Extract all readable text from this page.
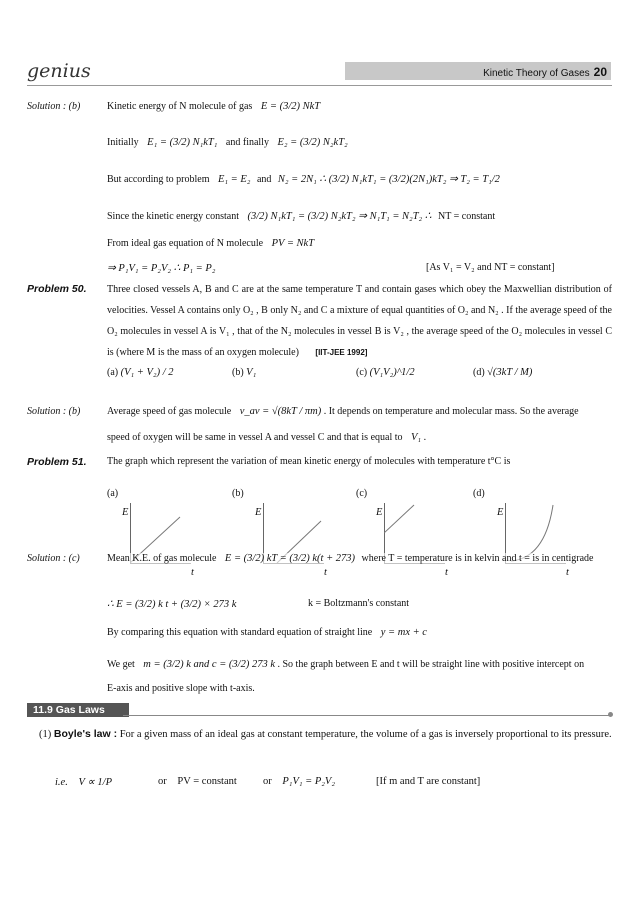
genius	Kinetic Theory of Gases 20
Solution : (b)	Kinetic energy of N molecule of gas E = (3/2) NkT
Initially E₁ = (3/2) N₁kT₁ and finally E₂ = (3/2) N₂kT₂
But according to problem E₁ = E₂ and N₂ = 2N₁ ∴ (3/2) N₁kT₁ = (3/2)(2N₁)kT₂ ⇒ T₂ = T₁/2
Since the kinetic energy constant (3/2) N₁kT₁ = (3/2) N₂kT₂ ⇒ N₁T₁ = N₂T₂ ∴ NT = constant
From ideal gas equation of N molecule PV = NkT
⇒ P₁V₁ = P₂V₂ ∴ P₁ = P₂	[As V₁ = V₂ and NT = constant]
Problem 50. Three closed vessels A, B and C are at the same temperature T and contain gases which obey the Maxwellian distribution of velocities. Vessel A contains only O₂ , B only N₂ and C a mixture of equal quantities of O₂ and N₂ . If the average speed of the O₂ molecules in vessel A is V₁ , that of the N₂ molecules in vessel B is V₂ , the average speed of the O₂ molecules in vessel C is (where M is the mass of an oxygen molecule) [IIT-JEE 1992]
(a) (V₁ + V₂) / 2	(b) V₁	(c) (V₁V₂)^1/2	(d) √(3kT / M)
Solution : (b)	Average speed of gas molecule v_av = √(8kT / πm) . It depends on temperature and molecular mass. So the average
speed of oxygen will be same in vessel A and vessel C and that is equal to V₁ .
Problem 51. The graph which represent the variation of mean kinetic energy of molecules with temperature t°C is
(a)	(b)	(c)	(d)
E
t
E
t
E
t
E
t
Solution : (c)	Mean K.E. of gas molecule E = (3/2) kT = (3/2) k(t + 273) where T = temperature is in kelvin and t = is in centigrade
∴ E = (3/2) k t + (3/2) × 273 k	k = Boltzmann's constant
By comparing this equation with standard equation of straight line y = mx + c
We get m = (3/2) k and c = (3/2) 273 k . So the graph between E and t will be straight line with positive intercept on
E-axis and positive slope with t-axis.
11.9 Gas Laws
(1) Boyle's law : For a given mass of an ideal gas at constant temperature, the volume of a gas is inversely proportional to its pressure.
i.e. V ∝ 1/P	or PV = constant or P₁V₁ = P₂V₂	[If m and T are constant]
